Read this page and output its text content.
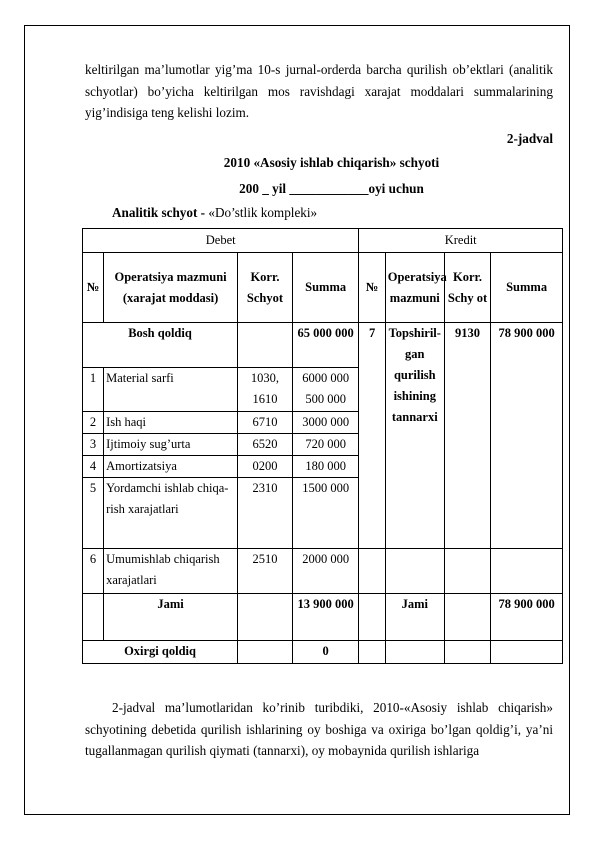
keltirilgan ma’lumotlar yig’ma 10-s jurnal-orderda barcha qurilish ob’ektlari (analitik schyotlar) bo’yicha keltirilgan mos ravishdagi xarajat moddalari summalarining yig’indisiga teng kelishi lozim.

2-jadval
2010 «Asosiy ishlab chiqarish» schyoti
200 _ yil ____________oyi uchun
Analitik schyot - «Do’stlik kompleki»
Debet				Kredit			
№	Operatsiya mazmuni (xarajat moddasi)	Korr. Schyot	Summa	№	Operatsiya mazmuni	Korr. Schy ot	Summa
Bosh qoldiq			65 000 000	7	Topshiril-gan qurilish ishining tannarxi	9130	78 900 000
1	Material sarfi	1030, 1610	6000 000 500 000				
2	Ish haqi	6710	3000 000				
3	Ijtimoiy sug’urta	6520	720 000				
4	Amortizatsiya	0200	180 000				
5	Yordamchi ishlab chiqa-rish xarajatlari	2310	1500 000				
6	Umumishlab chiqarish xarajatlari	2510	2000 000				
	Jami		13 900 000		Jami		78 900 000
Oxirgi qoldiq			0				

2-jadval ma’lumotlaridan ko’rinib turibdiki, 2010-«Asosiy ishlab chiqarish» schyotining debetida qurilish ishlarining oy boshiga va oxiriga bo’lgan qoldig’i, ya’ni tugallanmagan qurilish qiymati (tannarxi), oy mobaynida qurilish ishlariga
